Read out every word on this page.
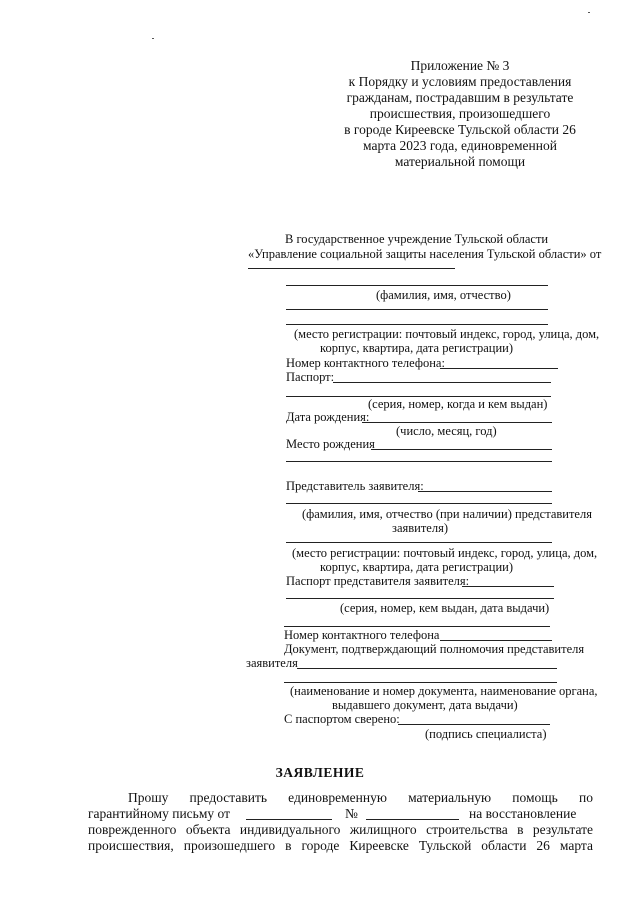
Приложение № 3
к Порядку и условиям предоставления
гражданам, пострадавшим в результате
происшествия, произошедшего
в городе Киреевске Тульской области 26
марта 2023 года, единовременной
материальной помощи
В государственное учреждение Тульской области
«Управление социальной защиты населения Тульской области» от
(фамилия, имя, отчество)
(место регистрации: почтовый индекс, город, улица, дом,
корпус, квартира, дата регистрации)
Номер контактного телефона:
Паспорт:
(серия, номер, когда и кем выдан)
Дата рождения:
(число, месяц, год)
Место рождения
Представитель заявителя:
(фамилия, имя, отчество (при наличии) представителя
заявителя)
(место регистрации: почтовый индекс, город, улица, дом,
корпус, квартира, дата регистрации)
Паспорт представителя заявителя:
(серия, номер, кем выдан, дата выдачи)
Номер контактного телефона
Документ, подтверждающий полномочия представителя
заявителя
(наименование и номер документа, наименование органа,
выдавшего документ, дата выдачи)
С паспортом сверено:
(подпись специалиста)
ЗАЯВЛЕНИЕ
Прошу предоставить единовременную материальную помощь по
гарантийному письму от	№	на восстановление
поврежденного объекта индивидуального жилищного строительства в результате
происшествия, произошедшего в городе Киреевске Тульской области 26 марта
